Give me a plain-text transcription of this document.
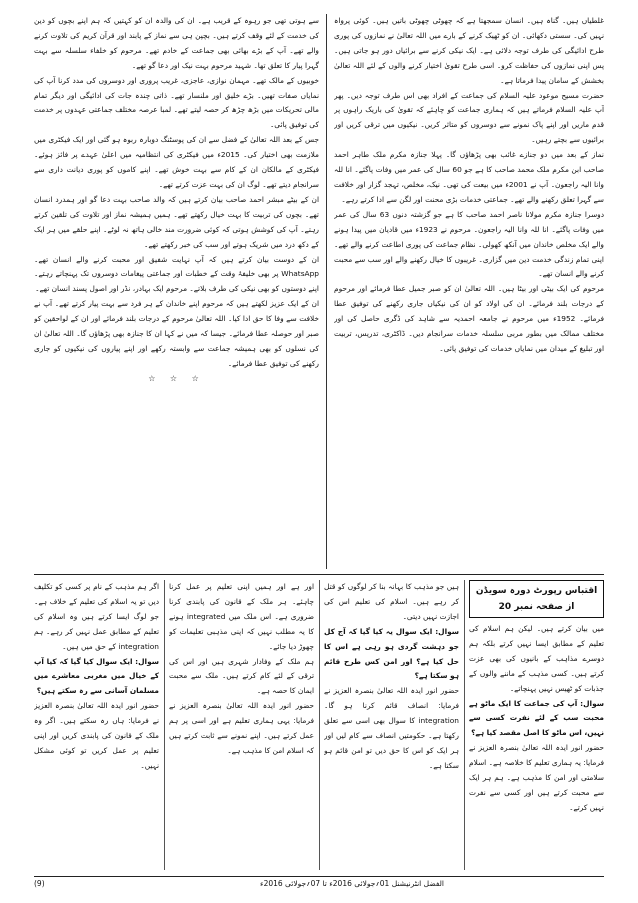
غلطیاں ہیں۔ گناہ ہیں۔ انسان سمجھتا ہے کہ چھوٹی چھوٹی باتیں ہیں۔ کوئی پرواہ نہیں کی۔ سستی دکھائی۔ ان کو ٹھیک کرنے کے بارے میں اللہ تعالیٰ نے نمازوں کی پوری طرح ادائیگی کی طرف توجہ دلائی ہے۔ ایک نیکی کرنے سے برائیاں دور ہو جاتی ہیں۔ پس اپنی نمازوں کی حفاظت کرو۔ اسی طرح تقویٰ اختیار کرنے والوں کے لئے اللہ تعالیٰ بخشش کے سامان پیدا فرماتا ہے۔

حضرت مسیح موعود علیہ السلام کی جماعت کے افراد بھی اس طرف توجہ دیں۔ پھر آپ علیہ السلام فرماتے ہیں کہ ہماری جماعت کو چاہئے کہ تقویٰ کی باریک راہوں پر قدم ماریں اور اپنے پاک نمونے سے دوسروں کو متاثر کریں۔ نیکیوں میں ترقی کریں اور برائیوں سے بچتے رہیں۔

نماز کے بعد میں دو جنازے غائب بھی پڑھاؤں گا۔ پہلا جنازہ مکرم ملک طاہر احمد صاحب ابن مکرم ملک محمد صاحب کا ہے جو 60 سال کی عمر میں وفات پاگئے۔ انا للہ وانا الیہ راجعون۔ آپ نے 2001ء میں بیعت کی تھی۔ نیک، مخلص، تہجد گزار اور خلافت سے گہرا تعلق رکھنے والے تھے۔ جماعتی خدمات بڑی محنت اور لگن سے ادا کرتے رہے۔

دوسرا جنازہ مکرم مولانا ناصر احمد صاحب کا ہے جو گزشتہ دنوں 63 سال کی عمر میں وفات پاگئے۔ انا للہ وانا الیہ راجعون۔ مرحوم نے 1923ء میں قادیان میں پیدا ہونے والے ایک مخلص خاندان میں آنکھ کھولی۔ نظام جماعت کی پوری اطاعت کرنے والے تھے۔ اپنی تمام زندگی خدمت دین میں گزاری۔ غریبوں کا خیال رکھنے والے اور سب سے محبت کرنے والے انسان تھے۔

مرحوم کی ایک بیٹی اور بیٹا ہیں۔ اللہ تعالیٰ ان کو صبر جمیل عطا فرمائے اور مرحوم کے درجات بلند فرمائے۔ ان کی اولاد کو ان کی نیکیاں جاری رکھنے کی توفیق عطا فرمائے۔ 1952ء میں مرحوم نے جامعہ احمدیہ سے شاہد کی ڈگری حاصل کی اور مختلف ممالک میں بطور مربی سلسلہ خدمات سرانجام دیں۔ ڈاکٹری، تدریس، تربیت اور تبلیغ کے میدان میں نمایاں خدمات کی توفیق پائی۔

سے ہوتی تھی جو رہوہ کے قریب ہے۔ ان کی والدہ ان کو کہتیں کہ ہم اپنے بچوں کو دین کی خدمت کے لئے وقف کرتے ہیں۔ بچپن ہی سے نماز کے پابند اور قرآن کریم کی تلاوت کرنے والے تھے۔ آپ کے بڑے بھائی بھی جماعت کے خادم تھے۔ مرحوم کو خلفاء سلسلہ سے بہت گہرا پیار کا تعلق تھا۔ شہید مرحوم بہت نیک اور دعا گو تھے۔

خوبیوں کے مالک تھے۔ مہمان نوازی، عاجزی، غریب پروری اور دوسروں کی مدد کرنا آپ کی نمایاں صفات تھیں۔ بڑے خلیق اور ملنسار تھے۔ ذاتی چندہ جات کی ادائیگی اور دیگر تمام مالی تحریکات میں بڑھ چڑھ کر حصہ لیتے تھے۔ لمبا عرصہ مختلف جماعتی عہدوں پر خدمت کی توفیق پائی۔

جس کے بعد اللہ تعالیٰ کے فضل سے ان کی پوسٹنگ دوبارہ ربوہ ہو گئی اور ایک فیکٹری میں ملازمت بھی اختیار کی۔ 2015ء میں فیکٹری کی انتظامیہ میں اعلیٰ عہدے پر فائز ہوئے۔ فیکٹری کے مالکان ان کے کام سے بہت خوش تھے۔ اپنے کاموں کو پوری دیانت داری سے سرانجام دیتے تھے۔ لوگ ان کی بہت عزت کرتے تھے۔

ان کے بیٹے مبشر احمد صاحب بیان کرتے ہیں کہ والد صاحب بہت دعا گو اور ہمدرد انسان تھے۔ بچوں کی تربیت کا بہت خیال رکھتے تھے۔ ہمیں ہمیشہ نماز اور تلاوت کی تلقین کرتے رہتے۔ آپ کی کوشش ہوتی کہ کوئی ضرورت مند خالی ہاتھ نہ لوٹے۔ اپنے حلقے میں ہر ایک کے دکھ درد میں شریک ہوتے اور سب کی خبر رکھتے تھے۔

ان کے دوست بیان کرتے ہیں کہ آپ نہایت شفیق اور محبت کرنے والے انسان تھے۔ WhatsApp پر بھی خلیفۂ وقت کے خطبات اور جماعتی پیغامات دوسروں تک پہنچاتے رہتے۔ اپنے دوستوں کو بھی نیکی کی طرف بلاتے۔ مرحوم ایک بہادر، نڈر اور اصول پسند انسان تھے۔

ان کے ایک عزیز لکھتے ہیں کہ مرحوم اپنے خاندان کے ہر فرد سے بہت پیار کرتے تھے۔ آپ نے خلافت سے وفا کا حق ادا کیا۔ اللہ تعالیٰ مرحوم کے درجات بلند فرمائے اور ان کے لواحقین کو صبر اور حوصلہ عطا فرمائے۔ جیسا کہ میں نے کہا ان کا جنازہ بھی پڑھاؤں گا۔ اللہ تعالیٰ ان کی نسلوں کو بھی ہمیشہ جماعت سے وابستہ رکھے اور اپنے پیاروں کی نیکیوں کو جاری رکھنے کی توفیق عطا فرمائے۔

☆ ☆ ☆

اقتباس رپورٹ دورہ سویڈن از صفحہ نمبر 20

میں بیان کرتے ہیں۔ لیکن ہم اسلام کی تعلیم کے مطابق ایسا نہیں کرتے بلکہ ہم دوسرے مذاہب کے بانیوں کی بھی عزت کرتے ہیں۔ کسی مذہب کے ماننے والوں کے جذبات کو ٹھیس نہیں پہنچاتے۔

سوال: آپ کی جماعت کا ایک ماٹو ہے محبت سب کے لئے نفرت کسی سے نہیں، اس ماٹو کا اصل مقصد کیا ہے؟

حضور انور ایدہ اللہ تعالیٰ بنصرہ العزیز نے فرمایا: یہ ہماری تعلیم کا خلاصہ ہے۔ اسلام سلامتی اور امن کا مذہب ہے۔ ہم ہر ایک سے محبت کرتے ہیں اور کسی سے نفرت نہیں کرتے۔

ہیں جو مذہب کا بہانہ بنا کر لوگوں کو قتل کر رہے ہیں۔ اسلام کی تعلیم اس کی اجازت نہیں دیتی۔

سوال: ایک سوال یہ کیا گیا کہ آج کل جو دہشت گردی ہو رہی ہے اس کا حل کیا ہے؟ اور امن کس طرح قائم ہو سکتا ہے؟

حضور انور ایدہ اللہ تعالیٰ بنصرہ العزیز نے فرمایا: انصاف قائم کرنا ہو گا۔ integration کا سوال بھی اسی سے تعلق رکھتا ہے۔ حکومتیں انصاف سے کام لیں اور ہر ایک کو اس کا حق دیں تو امن قائم ہو سکتا ہے۔

اور ہے اور ہمیں اپنی تعلیم پر عمل کرنا چاہئے۔ ہر ملک کے قانون کی پابندی کرنا ضروری ہے۔ اس ملک میں integrated ہونے کا یہ مطلب نہیں کہ اپنی مذہبی تعلیمات کو چھوڑ دیا جائے۔

ہم ملک کے وفادار شہری ہیں اور اس کی ترقی کے لئے کام کرتے ہیں۔ ملک سے محبت ایمان کا حصہ ہے۔

حضور انور ایدہ اللہ تعالیٰ بنصرہ العزیز نے فرمایا: یہی ہماری تعلیم ہے اور اسی پر ہم عمل کرتے ہیں۔ اپنے نمونے سے ثابت کرتے ہیں کہ اسلام امن کا مذہب ہے۔

اگر ہم مذہب کے نام پر کسی کو تکلیف دیں تو یہ اسلام کی تعلیم کے خلاف ہے۔ جو لوگ ایسا کرتے ہیں وہ اسلام کی تعلیم کے مطابق عمل نہیں کر رہے۔ ہم integration کے حق میں ہیں۔

سوال: ایک سوال کیا گیا کہ کیا آپ کے خیال میں مغربی معاشرے میں مسلمان آسانی سے رہ سکتے ہیں؟

حضور انور ایدہ اللہ تعالیٰ بنصرہ العزیز نے فرمایا: ہاں رہ سکتے ہیں۔ اگر وہ ملک کے قانون کی پابندی کریں اور اپنی تعلیم پر عمل کریں تو کوئی مشکل نہیں۔

الفضل انٹرنیشنل 01؍جولائی 2016ء تا 07؍جولائی 2016ء
(9)
